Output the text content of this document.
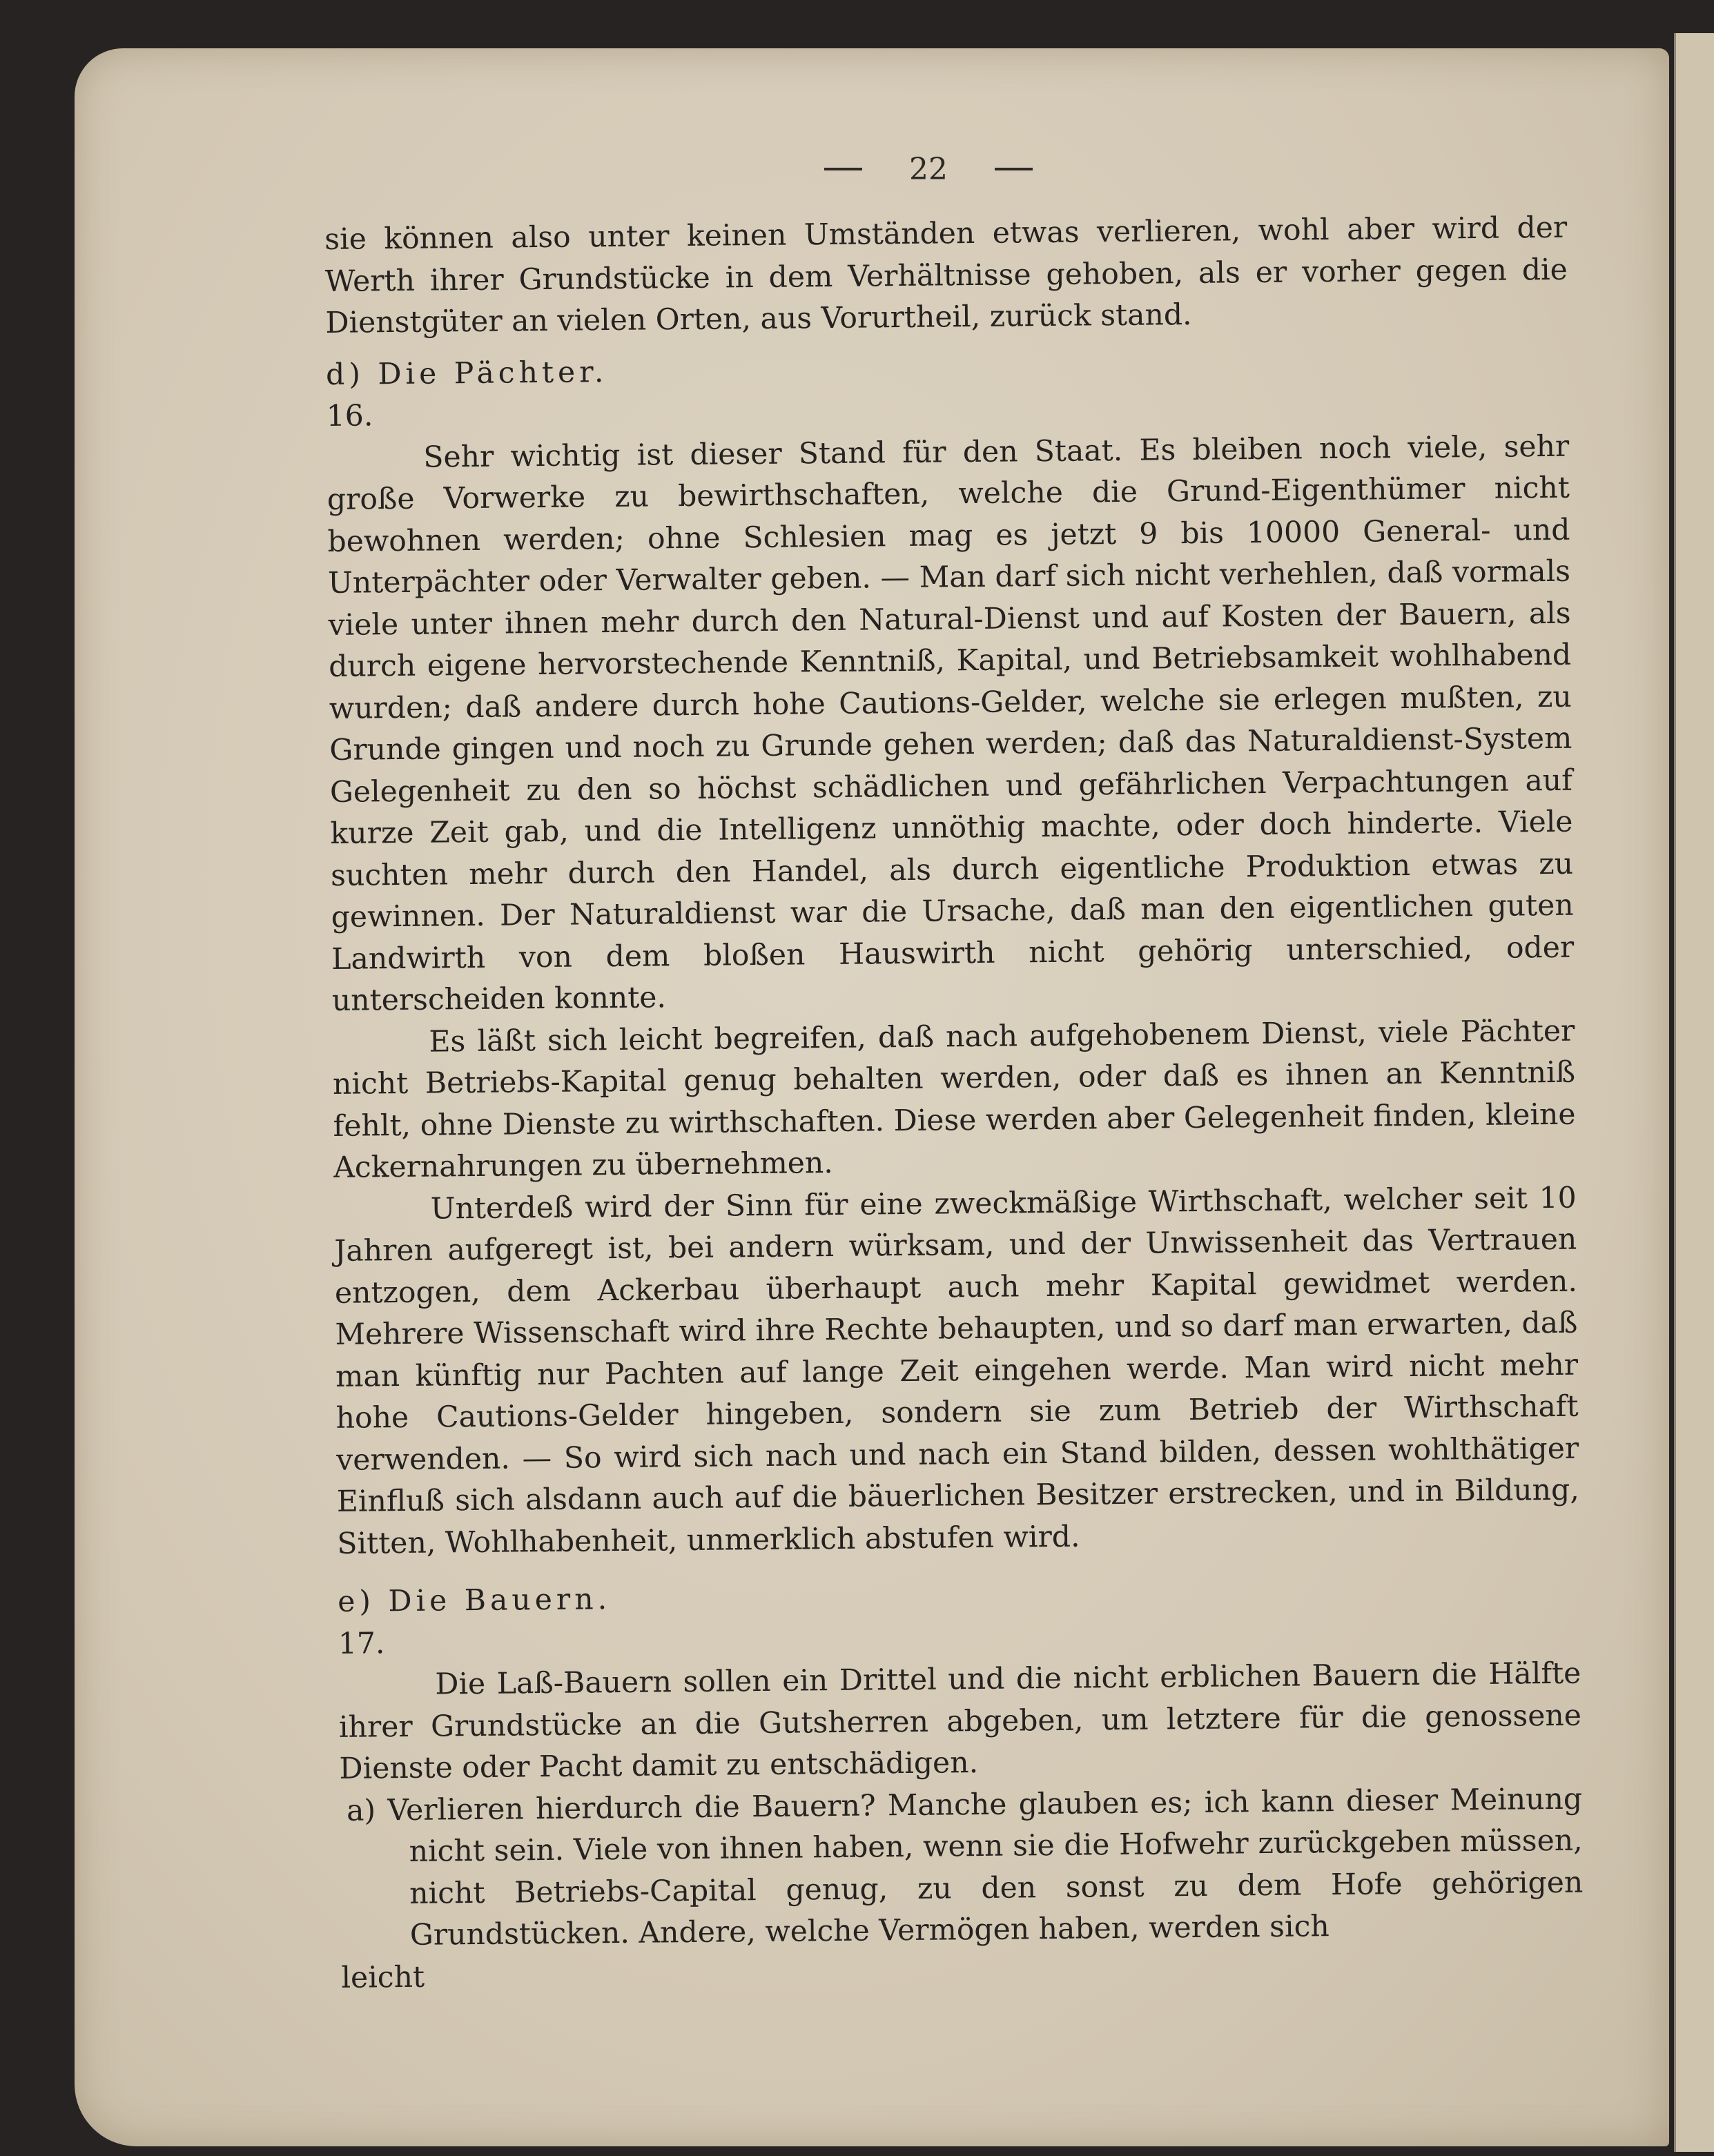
22

sie können also unter keinen Umständen etwas verlieren, wohl aber wird der Werth ihrer Grundstücke in dem Verhältnisse gehoben, als er vorher gegen die Dienstgüter an vielen Orten, aus Vorurtheil, zurück stand.

d) Die Pächter.

16.

Sehr wichtig ist dieser Stand für den Staat. Es bleiben noch viele, sehr große Vorwerke zu bewirthschaften, welche die Grund-Eigenthümer nicht bewohnen werden; ohne Schlesien mag es jetzt 9 bis 10000 General- und Unterpächter oder Verwalter geben. — Man darf sich nicht verhehlen, daß vormals viele unter ihnen mehr durch den Natural-Dienst und auf Kosten der Bauern, als durch eigene hervorstechende Kenntniß, Kapital, und Betriebsamkeit wohlhabend wurden; daß andere durch hohe Cautions-Gelder, welche sie erlegen mußten, zu Grunde gingen und noch zu Grunde gehen werden; daß das Naturaldienst-System Gelegenheit zu den so höchst schädlichen und gefährlichen Verpachtungen auf kurze Zeit gab, und die Intelligenz unnöthig machte, oder doch hinderte. Viele suchten mehr durch den Handel, als durch eigentliche Produktion etwas zu gewinnen. Der Naturaldienst war die Ursache, daß man den eigentlichen guten Landwirth von dem bloßen Hauswirth nicht gehörig unterschied, oder unterscheiden konnte.

Es läßt sich leicht begreifen, daß nach aufgehobenem Dienst, viele Pächter nicht Betriebs-Kapital genug behalten werden, oder daß es ihnen an Kenntniß fehlt, ohne Dienste zu wirthschaften. Diese werden aber Gelegenheit finden, kleine Ackernahrungen zu übernehmen.

Unterdeß wird der Sinn für eine zweckmäßige Wirthschaft, welcher seit 10 Jahren aufgeregt ist, bei andern würksam, und der Unwissenheit das Vertrauen entzogen, dem Ackerbau überhaupt auch mehr Kapital gewidmet werden. Mehrere Wissenschaft wird ihre Rechte behaupten, und so darf man erwarten, daß man künftig nur Pachten auf lange Zeit eingehen werde. Man wird nicht mehr hohe Cautions-Gelder hingeben, sondern sie zum Betrieb der Wirthschaft verwenden. — So wird sich nach und nach ein Stand bilden, dessen wohlthätiger Einfluß sich alsdann auch auf die bäuerlichen Besitzer erstrecken, und in Bildung, Sitten, Wohlhabenheit, unmerklich abstufen wird.

e) Die Bauern.

17.

Die Laß-Bauern sollen ein Drittel und die nicht erblichen Bauern die Hälfte ihrer Grundstücke an die Gutsherren abgeben, um letztere für die genossene Dienste oder Pacht damit zu entschädigen.

a) Verlieren hierdurch die Bauern? Manche glauben es; ich kann dieser Meinung nicht sein. Viele von ihnen haben, wenn sie die Hofwehr zurückgeben müssen, nicht Betriebs-Capital genug, zu den sonst zu dem Hofe gehörigen Grundstücken. Andere, welche Vermögen haben, werden sich

leicht
